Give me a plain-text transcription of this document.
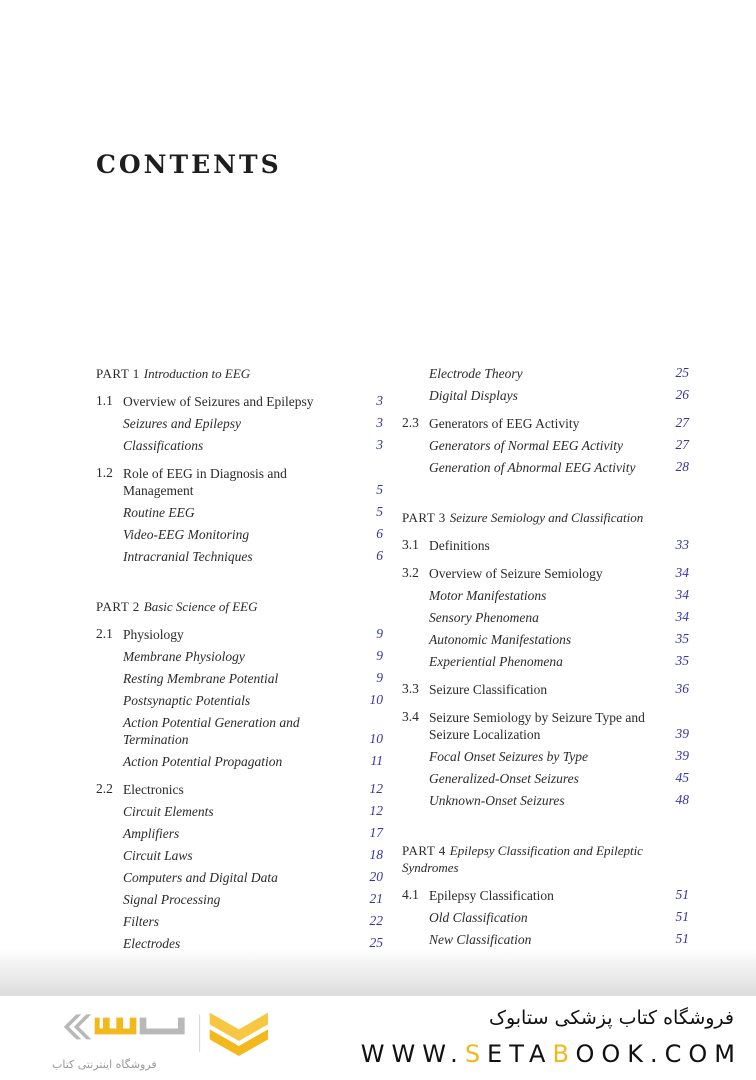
CONTENTS
PART 1 Introduction to EEG
1.1 Overview of Seizures and Epilepsy	3
Seizures and Epilepsy	3
Classifications	3
1.2 Role of EEG in Diagnosis and Management	5
Routine EEG	5
Video-EEG Monitoring	6
Intracranial Techniques	6
PART 2 Basic Science of EEG
2.1 Physiology	9
Membrane Physiology	9
Resting Membrane Potential	9
Postsynaptic Potentials	10
Action Potential Generation and Termination	10
Action Potential Propagation	11
2.2 Electronics	12
Circuit Elements	12
Amplifiers	17
Circuit Laws	18
Computers and Digital Data	20
Signal Processing	21
Filters	22
Electrodes	25
Electrode Theory	25
Digital Displays	26
2.3 Generators of EEG Activity	27
Generators of Normal EEG Activity	27
Generation of Abnormal EEG Activity	28
PART 3 Seizure Semiology and Classification
3.1 Definitions	33
3.2 Overview of Seizure Semiology	34
Motor Manifestations	34
Sensory Phenomena	34
Autonomic Manifestations	35
Experiential Phenomena	35
3.3 Seizure Classification	36
3.4 Seizure Semiology by Seizure Type and Seizure Localization	39
Focal Onset Seizures by Type	39
Generalized-Onset Seizures	45
Unknown-Onset Seizures	48
PART 4 Epilepsy Classification and Epileptic Syndromes
4.1 Epilepsy Classification	51
Old Classification	51
New Classification	51
فروشگاه اینترنتی کتاب
فروشگاه کتاب پزشکی ستابوک
WWW.SETABOOK.COM
